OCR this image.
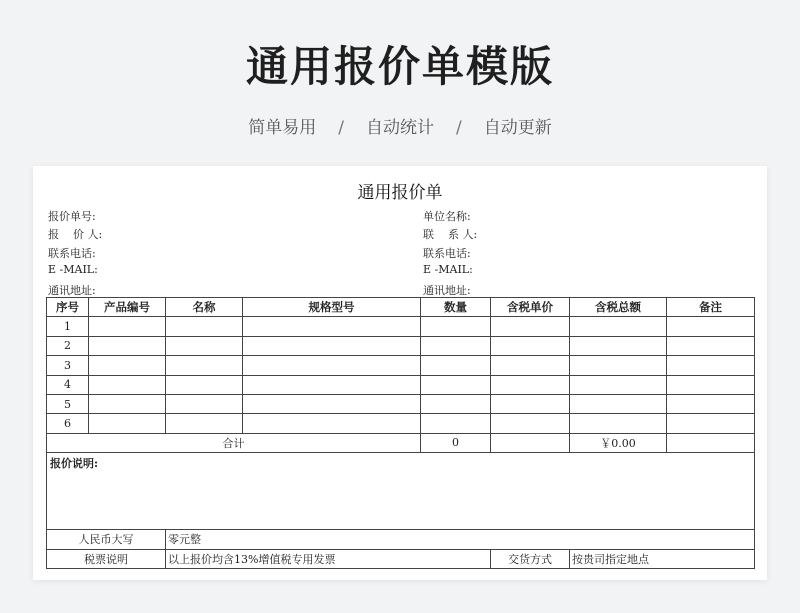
通用报价单模版
简单易用 / 自动统计 / 自动更新
通用报价单
报价单号:
报    价 人:
联系电话:
E -MAIL:
通讯地址:
单位名称:
联    系 人:
联系电话:
E -MAIL:
通讯地址:
序号	产品编号	名称	规格型号	数量	含税单价	含税总额	备注
1							
2							
3							
4							
5							
6							
合计				0		￥0.00	
报价说明:							
人民币大写		零元整					
税票说明		以上报价均含13%增值税专用发票			交货方式	按贵司指定地点	
